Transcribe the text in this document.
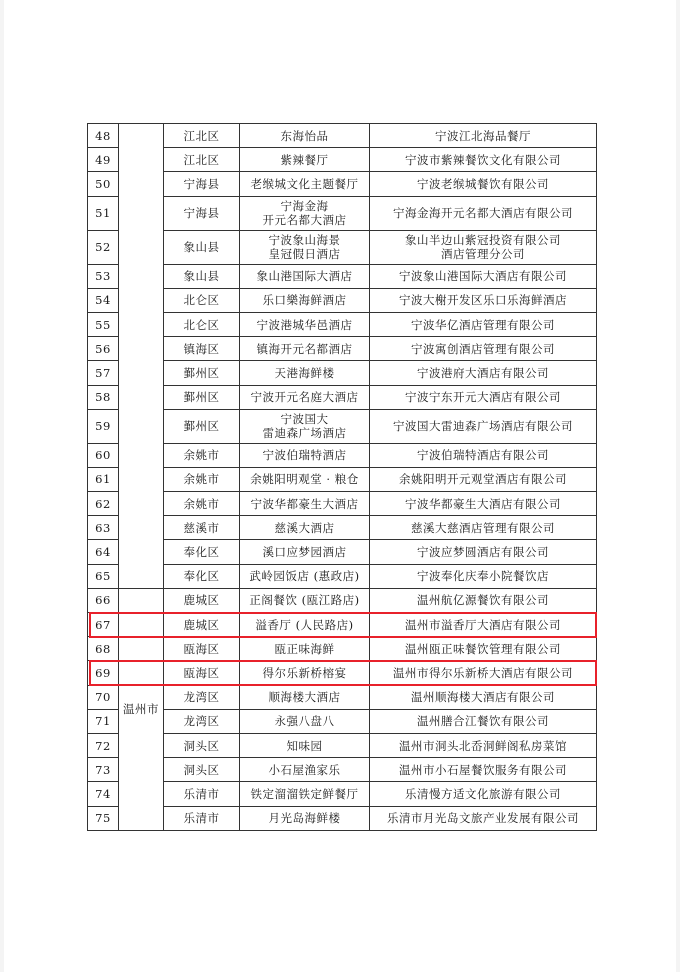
48		江北区	东海怡品	宁波江北海品餐厅

49		江北区	紫辣餐厅	宁波市紫辣餐饮文化有限公司

50		宁海县	老缑城文化主题餐厅	宁波老缑城餐饮有限公司

51		宁海县	宁海金海
开元名都大酒店	宁海金海开元名都大酒店有限公司

52		象山县	宁波象山海景
皇冠假日酒店	象山半边山紫冠投资有限公司
酒店管理分公司

53		象山县	象山港国际大酒店	宁波象山港国际大酒店有限公司

54		北仑区	乐口樂海鲜酒店	宁波大榭开发区乐口乐海鲜酒店

55		北仑区	宁波港城华邑酒店	宁波华亿酒店管理有限公司

56		镇海区	镇海开元名都酒店	宁波寓创酒店管理有限公司

57		鄞州区	天港海鲜楼	宁波港府大酒店有限公司

58		鄞州区	宁波开元名庭大酒店	宁波宁东开元大酒店有限公司

59		鄞州区	宁波国大
雷迪森广场酒店	宁波国大雷迪森广场酒店有限公司

60		余姚市	宁波伯瑞特酒店	宁波伯瑞特酒店有限公司

61		余姚市	余姚阳明观堂 · 粮仓	余姚阳明开元观堂酒店有限公司

62		余姚市	宁波华都豪生大酒店	宁波华都豪生大酒店有限公司

63		慈溪市	慈溪大酒店	慈溪大慈酒店管理有限公司

64		奉化区	溪口应梦园酒店	宁波应梦圆酒店有限公司

65		奉化区	武岭园饭店 (惠政店)	宁波奉化庆奉小院餐饮店

66	温州市	鹿城区	正阁餐饮 (瓯江路店)	温州航亿源餐饮有限公司

67		鹿城区	溢香厅 (人民路店)	温州市溢香厅大酒店有限公司

68		瓯海区	瓯正味海鲜	温州瓯正味餐饮管理有限公司

69		瓯海区	得尔乐新桥榕宴	温州市得尔乐新桥大酒店有限公司

70		龙湾区	顺海楼大酒店	温州顺海楼大酒店有限公司

71		龙湾区	永强八盘八	温州膳合江餐饮有限公司

72		洞头区	知味园	温州市洞头北岙洞鲜阁私房菜馆

73		洞头区	小石屋渔家乐	温州市小石屋餐饮服务有限公司

74		乐清市	铁定溜溜铁定鲜餐厅	乐清慢方适文化旅游有限公司

75		乐清市	月光岛海鲜楼	乐清市月光岛文旅产业发展有限公司
